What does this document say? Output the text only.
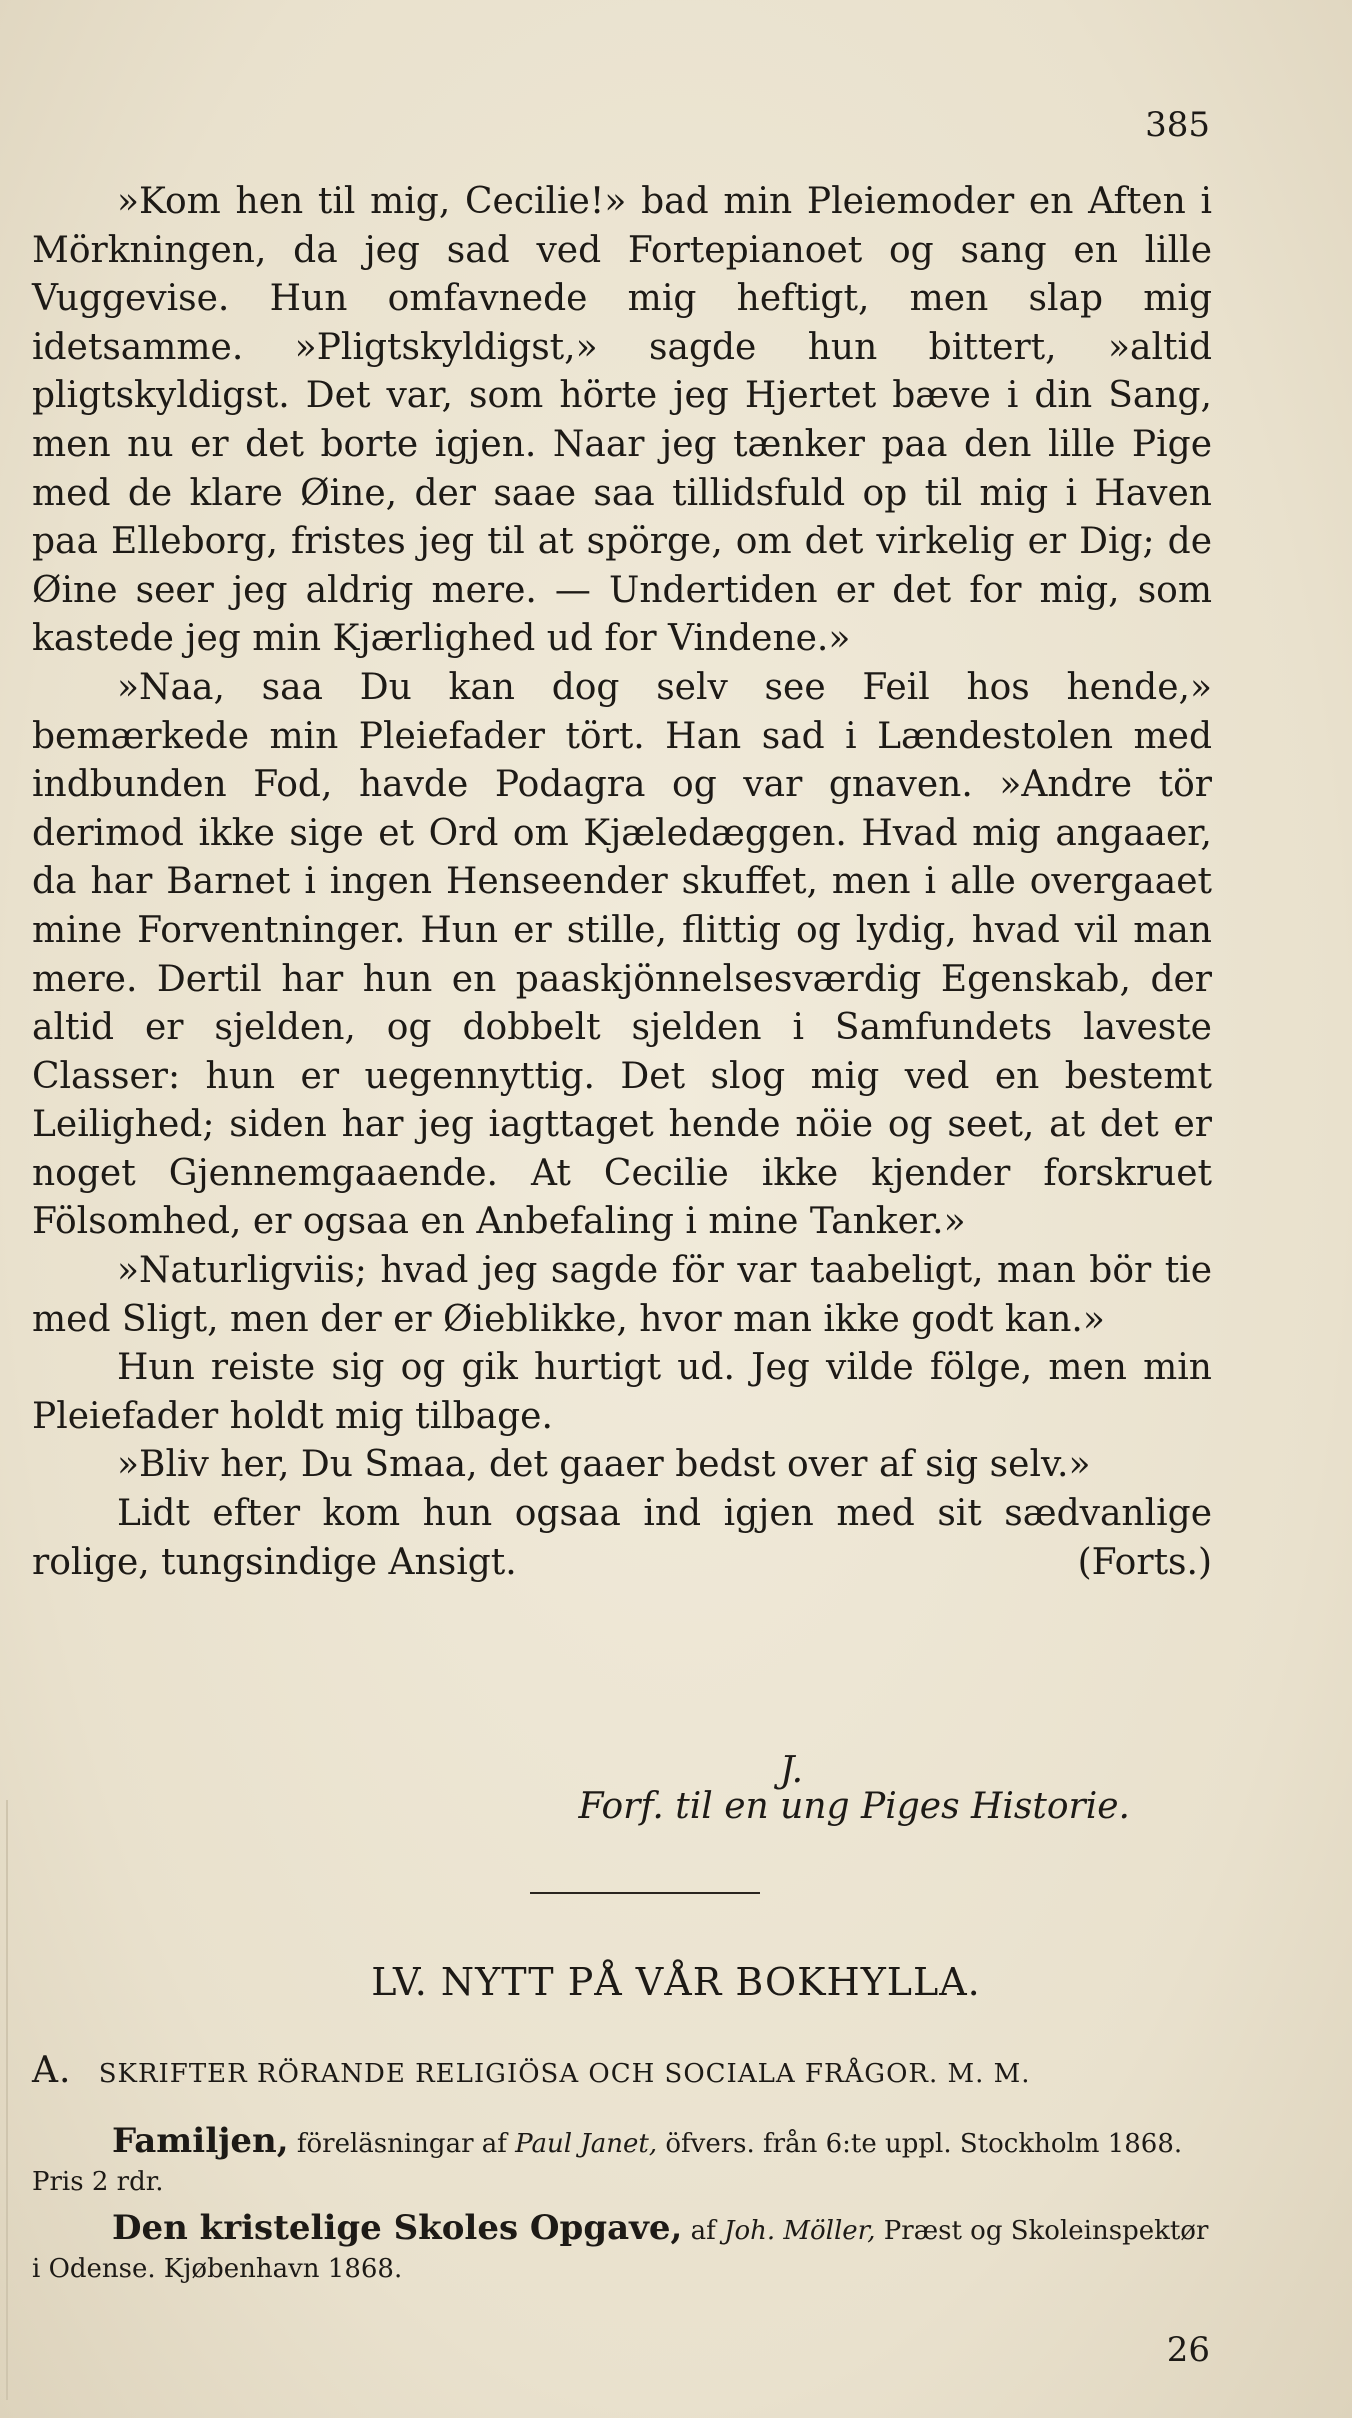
385

»Kom hen til mig, Cecilie!» bad min Pleiemoder en Aften i Mörkningen, da jeg sad ved Fortepianoet og sang en lille Vuggevise. Hun omfavnede mig heftigt, men slap mig idetsamme. »Pligtskyldigst,» sagde hun bittert, »altid pligtskyldigst. Det var, som hörte jeg Hjertet bæve i din Sang, men nu er det borte igjen. Naar jeg tænker paa den lille Pige med de klare Øine, der saae saa tillidsfuld op til mig i Haven paa Elleborg, fristes jeg til at spörge, om det virkelig er Dig; de Øine seer jeg aldrig mere. — Undertiden er det for mig, som kastede jeg min Kjærlighed ud for Vindene.»

»Naa, saa Du kan dog selv see Feil hos hende,» bemærkede min Pleiefader tört. Han sad i Lændestolen med indbunden Fod, havde Podagra og var gnaven. »Andre tör derimod ikke sige et Ord om Kjæledæggen. Hvad mig angaaer, da har Barnet i ingen Henseender skuffet, men i alle overgaaet mine Forventninger. Hun er stille, flittig og lydig, hvad vil man mere. Dertil har hun en paaskjönnelsesværdig Egenskab, der altid er sjelden, og dobbelt sjelden i Samfundets laveste Classer: hun er uegennyttig. Det slog mig ved en bestemt Leilighed; siden har jeg iagttaget hende nöie og seet, at det er noget Gjennemgaaende. At Cecilie ikke kjender forskruet Fölsomhed, er ogsaa en Anbefaling i mine Tanker.»

»Naturligviis; hvad jeg sagde för var taabeligt, man bör tie med Sligt, men der er Øieblikke, hvor man ikke godt kan.»

Hun reiste sig og gik hurtigt ud. Jeg vilde fölge, men min Pleiefader holdt mig tilbage.

»Bliv her, Du Smaa, det gaaer bedst over af sig selv.»

Lidt efter kom hun ogsaa ind igjen med sit sædvanlige rolige, tungsindige Ansigt.	(Forts.)

J.
Forf. til en ung Piges Historie.
LV. NYTT PÅ VÅR BOKHYLLA.
A. SKRIFTER RÖRANDE RELIGIÖSA OCH SOCIALA FRÅGOR. M. M.

Familjen, föreläsningar af Paul Janet, öfvers. från 6:te uppl. Stockholm 1868. Pris 2 rdr.

Den kristelige Skoles Opgave, af Joh. Möller, Præst og Skoleinspektør i Odense. Kjøbenhavn 1868.

26
